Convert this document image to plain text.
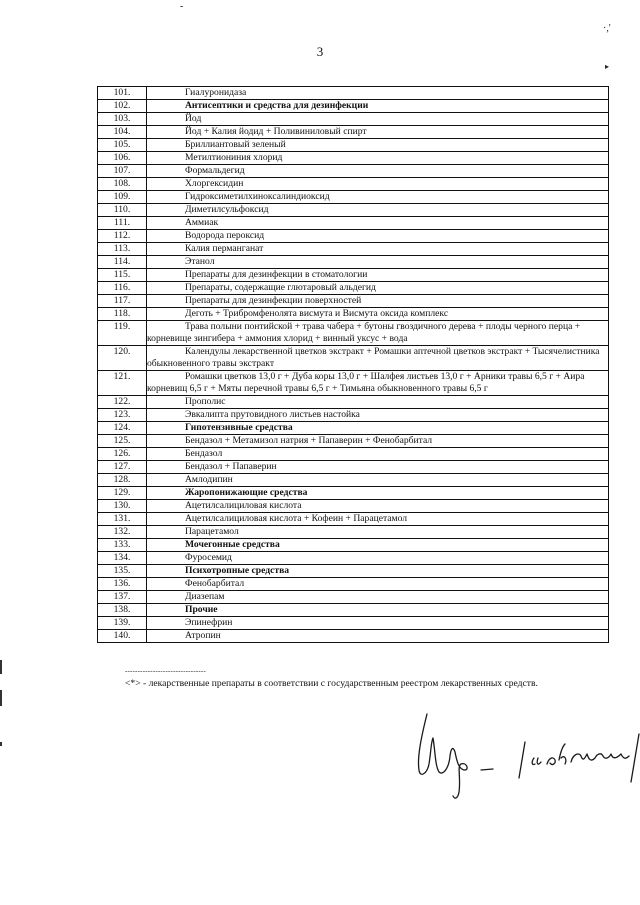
-
·,'
▸
3
101.	Гиалуронидаза
102.	Антисептики и средства для дезинфекции
103.	Йод
104.	Йод + Калия йодид + Поливиниловый спирт
105.	Бриллиантовый зеленый
106.	Метилтиониния хлорид
107.	Формальдегид
108.	Хлоргексидин
109.	Гидроксиметилхиноксалиндиоксид
110.	Диметилсульфоксид
111.	Аммиак
112.	Водорода пероксид
113.	Калия перманганат
114.	Этанол
115.	Препараты для дезинфекции в стоматологии
116.	Препараты, содержащие глютаровый альдегид
117.	Препараты для дезинфекции поверхностей
118.	Деготь + Трибромфенолята висмута и Висмута оксида комплекс
119.	Трава полыни понтийской + трава чабера + бутоны гвоздичного дерева + плоды черного перца + корневище зингибера + аммония хлорид + винный уксус + вода
120.	Календулы лекарственной цветков экстракт + Ромашки аптечной цветков экстракт + Тысячелистника обыкновенного травы экстракт
121.	Ромашки цветков 13,0 г + Дуба коры 13,0 г + Шалфея листьев 13,0 г + Арники травы 6,5 г + Аира корневищ 6,5 г + Мяты перечной травы 6,5 г + Тимьяна обыкновенного травы 6,5 г
122.	Прополис
123.	Эвкалипта прутовидного листьев настойка
124.	Гипотензивные средства
125.	Бендазол + Метамизол натрия + Папаверин + Фенобарбитал
126.	Бендазол
127.	Бендазол + Папаверин
128.	Амлодипин
129.	Жаропонижающие средства
130.	Ацетилсалициловая кислота
131.	Ацетилсалициловая кислота + Кофеин + Парацетамол
132.	Парацетамол
133.	Мочегонные средства
134.	Фуросемид
135.	Психотропные средства
136.	Фенобарбитал
137.	Диазепам
138.	Прочие
139.	Эпинефрин
140.	Атропин
--------------------------------
<*> - лекарственные препараты в соответствии с государственным реестром лекарственных средств.
